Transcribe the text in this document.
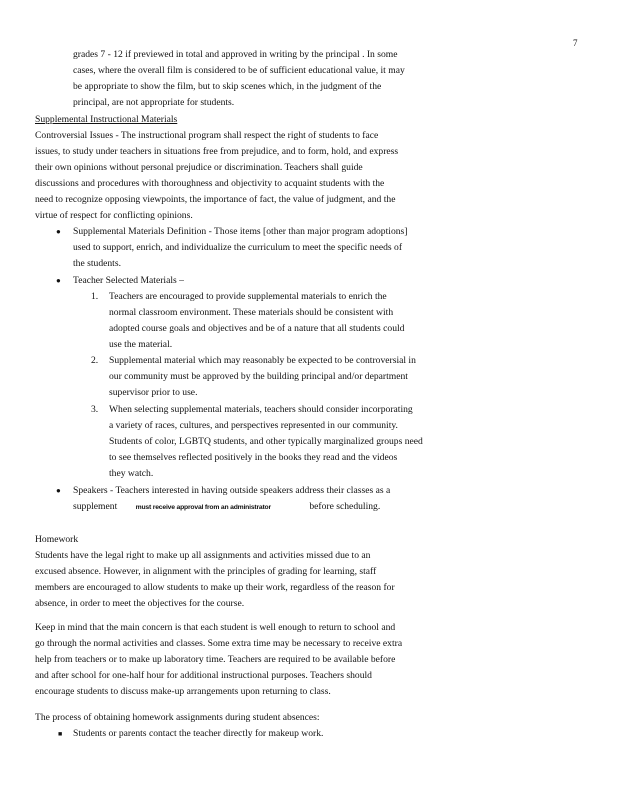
7
grades 7 - 12 if previewed in total and approved in writing by the principal . In some
cases, where the overall film is considered to be of sufficient educational value, it may
be appropriate to show the film, but to skip scenes which, in the judgment of the
principal, are not appropriate for students.
Supplemental Instructional Materials
Controversial Issues - The instructional program shall respect the right of students to face
issues, to study under teachers in situations free from prejudice, and to form, hold, and express
their own opinions without personal prejudice or discrimination. Teachers shall guide
discussions and procedures with thoroughness and objectivity to acquaint students with the
need to recognize opposing viewpoints, the importance of fact, the value of judgment, and the
virtue of respect for conflicting opinions.
● Supplemental Materials Definition - Those items [other than major program adoptions]
used to support, enrich, and individualize the curriculum to meet the specific needs of
the students.
● Teacher Selected Materials –
1. Teachers are encouraged to provide supplemental materials to enrich the
normal classroom environment. These materials should be consistent with
adopted course goals and objectives and be of a nature that all students could
use the material.
2. Supplemental material which may reasonably be expected to be controversial in
our community must be approved by the building principal and/or department
supervisor prior to use.
3. When selecting supplemental materials, teachers should consider incorporating
a variety of races, cultures, and perspectives represented in our community.
Students of color, LGBTQ students, and other typically marginalized groups need
to see themselves reflected positively in the books they read and the videos
they watch.
● Speakers - Teachers interested in having outside speakers address their classes as a
supplement	must receive approval from an administrator	before scheduling.
Homework
Students have the legal right to make up all assignments and activities missed due to an
excused absence. However, in alignment with the principles of grading for learning, staff
members are encouraged to allow students to make up their work, regardless of the reason for
absence, in order to meet the objectives for the course.
Keep in mind that the main concern is that each student is well enough to return to school and
go through the normal activities and classes. Some extra time may be necessary to receive extra
help from teachers or to make up laboratory time. Teachers are required to be available before
and after school for one-half hour for additional instructional purposes. Teachers should
encourage students to discuss make-up arrangements upon returning to class.
The process of obtaining homework assignments during student absences:
■ Students or parents contact the teacher directly for makeup work.
